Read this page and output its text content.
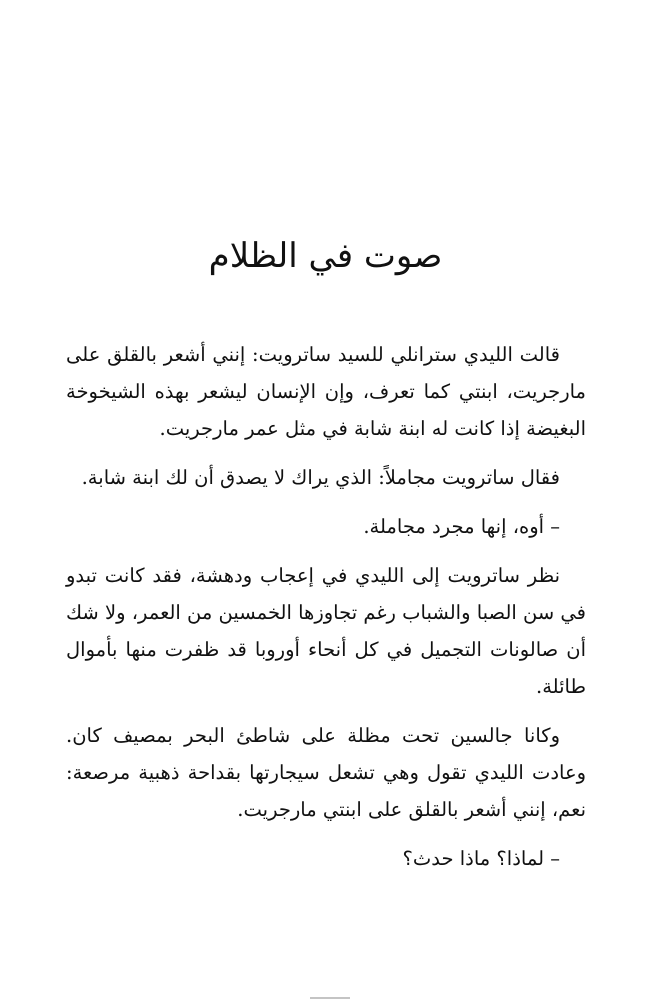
صوت في الظلام

قالت الليدي سترانلي للسيد ساترويت: إنني أشعر بالقلق على مارجريت، ابنتي كما تعرف، وإن الإنسان ليشعر بهذه الشيخوخة البغيضة إذا كانت له ابنة شابة في مثل عمر مارجريت.

فقال ساترويت مجاملاً: الذي يراك لا يصدق أن لك ابنة شابة.

– أوه، إنها مجرد مجاملة.

نظر ساترويت إلى الليدي في إعجاب ودهشة، فقد كانت تبدو في سن الصبا والشباب رغم تجاوزها الخمسين من العمر، ولا شك أن صالونات التجميل في كل أنحاء أوروبا قد ظفرت منها بأموال طائلة.

وكانا جالسين تحت مظلة على شاطئ البحر بمصيف كان. وعادت الليدي تقول وهي تشعل سيجارتها بقداحة ذهبية مرصعة: نعم، إنني أشعر بالقلق على ابنتي مارجريت.

– لماذا؟ ماذا حدث؟
